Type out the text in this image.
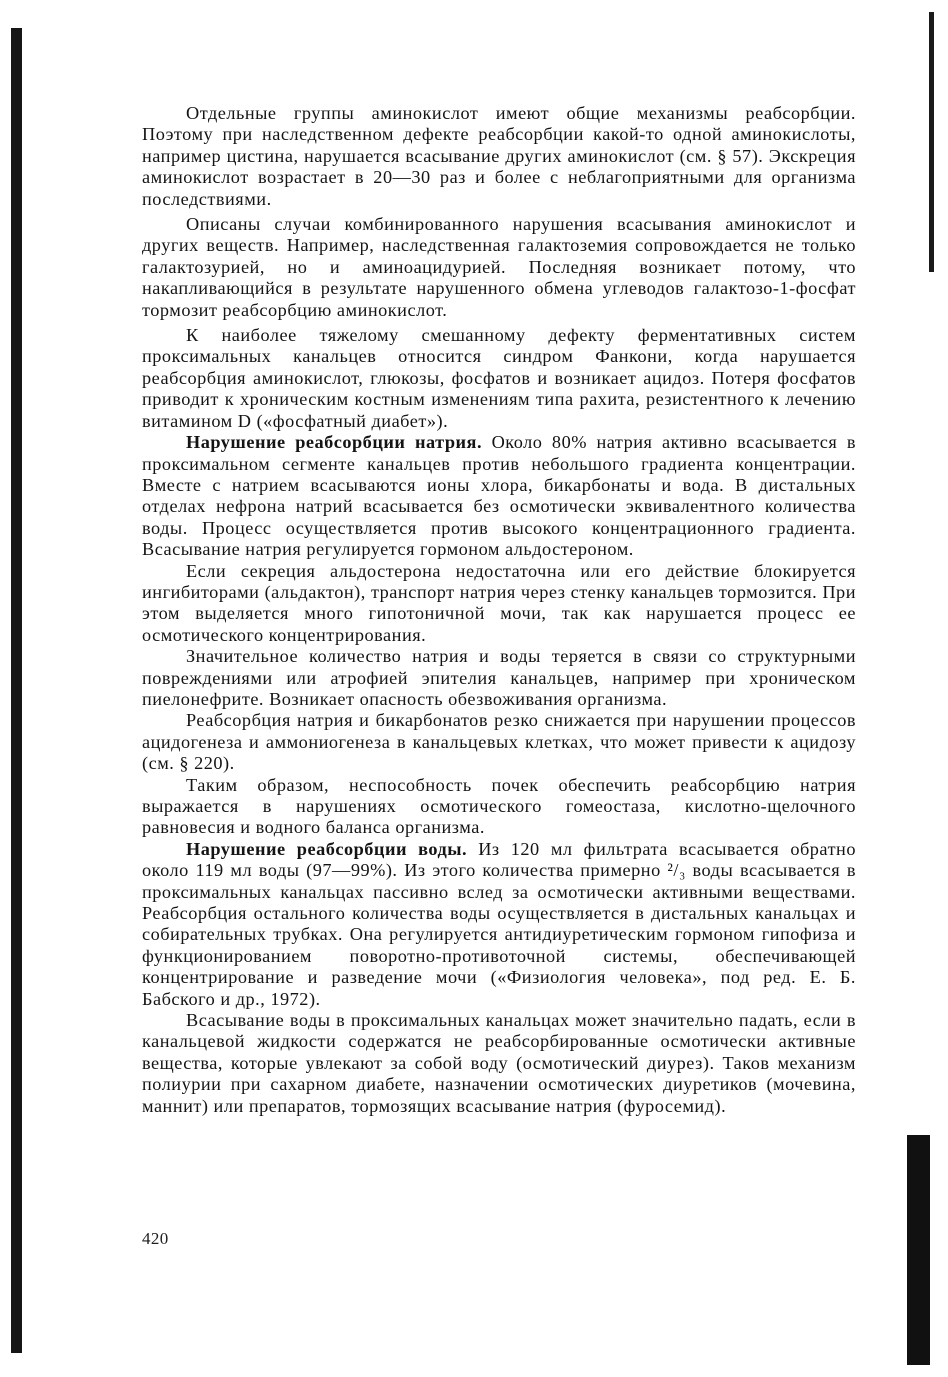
Отдельные группы аминокислот имеют общие механизмы реабсорбции. Поэтому при наследственном дефекте реабсорбции какой-то одной аминокислоты, например цистина, нарушается всасывание других аминокислот (см. § 57). Экскреция аминокислот возрастает в 20—30 раз и более с неблагоприятными для организма последствиями.

Описаны случаи комбинированного нарушения всасывания аминокислот и других веществ. Например, наследственная галактоземия сопровождается не только галактозурией, но и аминоацидурией. Последняя возникает потому, что накапливающийся в результате нарушенного обмена углеводов галактозо-1-фосфат тормозит реабсорбцию аминокислот.

К наиболее тяжелому смешанному дефекту ферментативных систем проксимальных канальцев относится синдром Фанкони, когда нарушается реабсорбция аминокислот, глюкозы, фосфатов и возникает ацидоз. Потеря фосфатов приводит к хроническим костным изменениям типа рахита, резистентного к лечению витамином D («фосфатный диабет»).

Нарушение реабсорбции натрия. Около 80% натрия активно всасывается в проксимальном сегменте канальцев против небольшого градиента концентрации. Вместе с натрием всасываются ионы хлора, бикарбонаты и вода. В дистальных отделах нефрона натрий всасывается без осмотически эквивалентного количества воды. Процесс осуществляется против высокого концентрационного градиента. Всасывание натрия регулируется гормоном альдостероном.

Если секреция альдостерона недостаточна или его действие блокируется ингибиторами (альдактон), транспорт натрия через стенку канальцев тормозится. При этом выделяется много гипотоничной мочи, так как нарушается процесс ее осмотического концентрирования.

Значительное количество натрия и воды теряется в связи со структурными повреждениями или атрофией эпителия канальцев, например при хроническом пиелонефрите. Возникает опасность обезвоживания организма.

Реабсорбция натрия и бикарбонатов резко снижается при нарушении процессов ацидогенеза и аммониогенеза в канальцевых клетках, что может привести к ацидозу (см. § 220).

Таким образом, неспособность почек обеспечить реабсорбцию натрия выражается в нарушениях осмотического гомеостаза, кислотно-щелочного равновесия и водного баланса организма.

Нарушение реабсорбции воды. Из 120 мл фильтрата всасывается обратно около 119 мл воды (97—99%). Из этого количества примерно ²/₃ воды всасывается в проксимальных канальцах пассивно вслед за осмотически активными веществами. Реабсорбция остального количества воды осуществляется в дистальных канальцах и собирательных трубках. Она регулируется антидиуретическим гормоном гипофиза и функционированием поворотно-противоточной системы, обеспечивающей концентрирование и разведение мочи («Физиология человека», под ред. Е. Б. Бабского и др., 1972).

Всасывание воды в проксимальных канальцах может значительно падать, если в канальцевой жидкости содержатся не реабсорбированные осмотически активные вещества, которые увлекают за собой воду (осмотический диурез). Таков механизм полиурии при сахарном диабете, назначении осмотических диуретиков (мочевина, маннит) или препаратов, тормозящих всасывание натрия (фуросемид).

420
